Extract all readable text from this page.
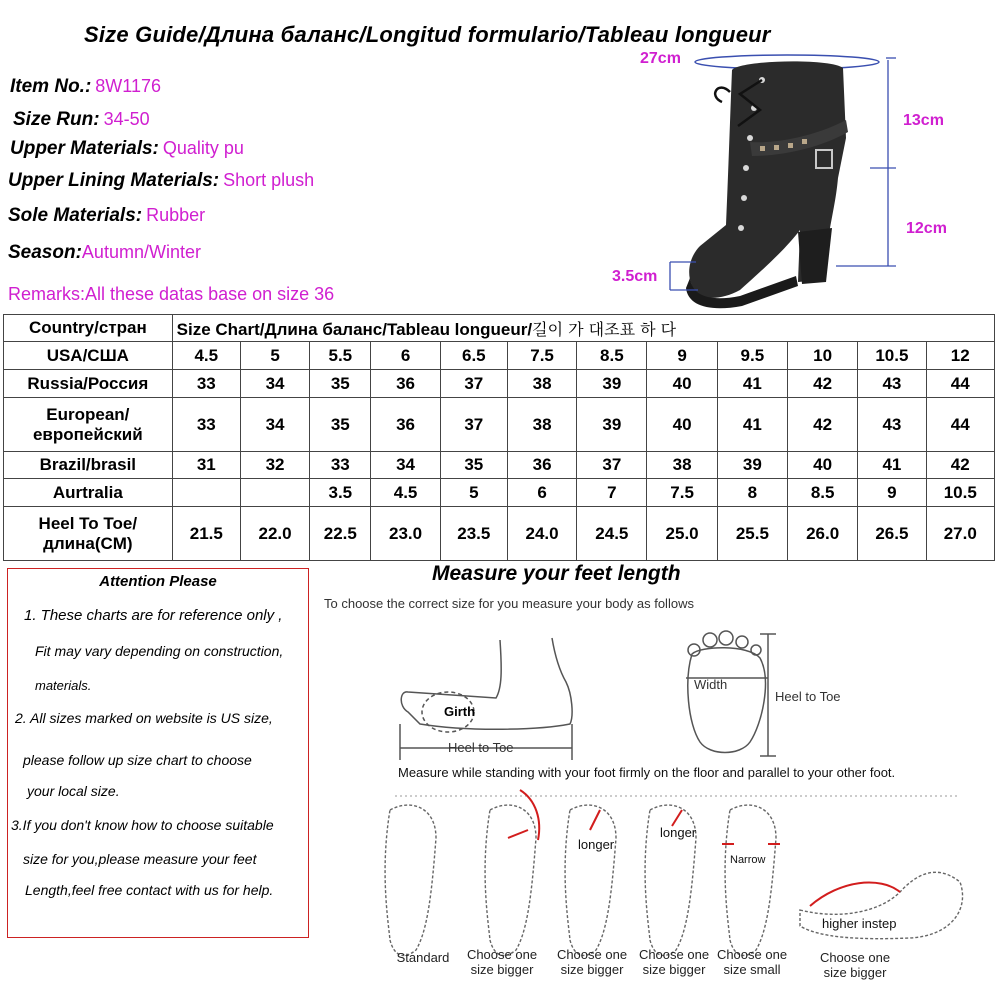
Size Guide/Длина баланс/Longitud formulario/Tableau longueur
Item No.: 8W1176
Size Run: 34-50
Upper Materials: Quality pu
Upper Lining Materials: Short plush
Sole Materials: Rubber
Season:Autumn/Winter
Remarks:All these datas base on size 36
27cm
13cm
12cm
3.5cm
Country/стран	Size Chart/Длина баланс/Tableau longueur/길이 가 대조표 하 다											
USA/США	4.5	5	5.5	6	6.5	7.5	8.5	9	9.5	10	10.5	12
Russia/Россия	33	34	35	36	37	38	39	40	41	42	43	44
European/европейский	33	34	35	36	37	38	39	40	41	42	43	44
Brazil/brasil	31	32	33	34	35	36	37	38	39	40	41	42
Aurtralia			3.5	4.5	5	6	7	7.5	8	8.5	9	10.5
Heel To Toe/длина(CM)	21.5	22.0	22.5	23.0	23.5	24.0	24.5	25.0	25.5	26.0	26.5	27.0
Attention Please
1. These charts are for reference only ,
Fit may vary depending on construction,
materials.
2. All sizes marked on website is US size,
please follow up size chart to choose
your local size.
3.If you don't know how to choose suitable
size for you,please measure your feet
Length,feel free contact with us for help.
Measure your feet length
To choose the correct size for you measure your body as follows
Girth
Heel to Toe
Width
Heel to Toe
Measure while standing with your foot firmly on the floor and parallel to your other foot.
longer
longer
Narrow
higher instep
Standard	Choose one size bigger
Choose one size bigger
Choose one size bigger
Choose one size small
Choose one size bigger
